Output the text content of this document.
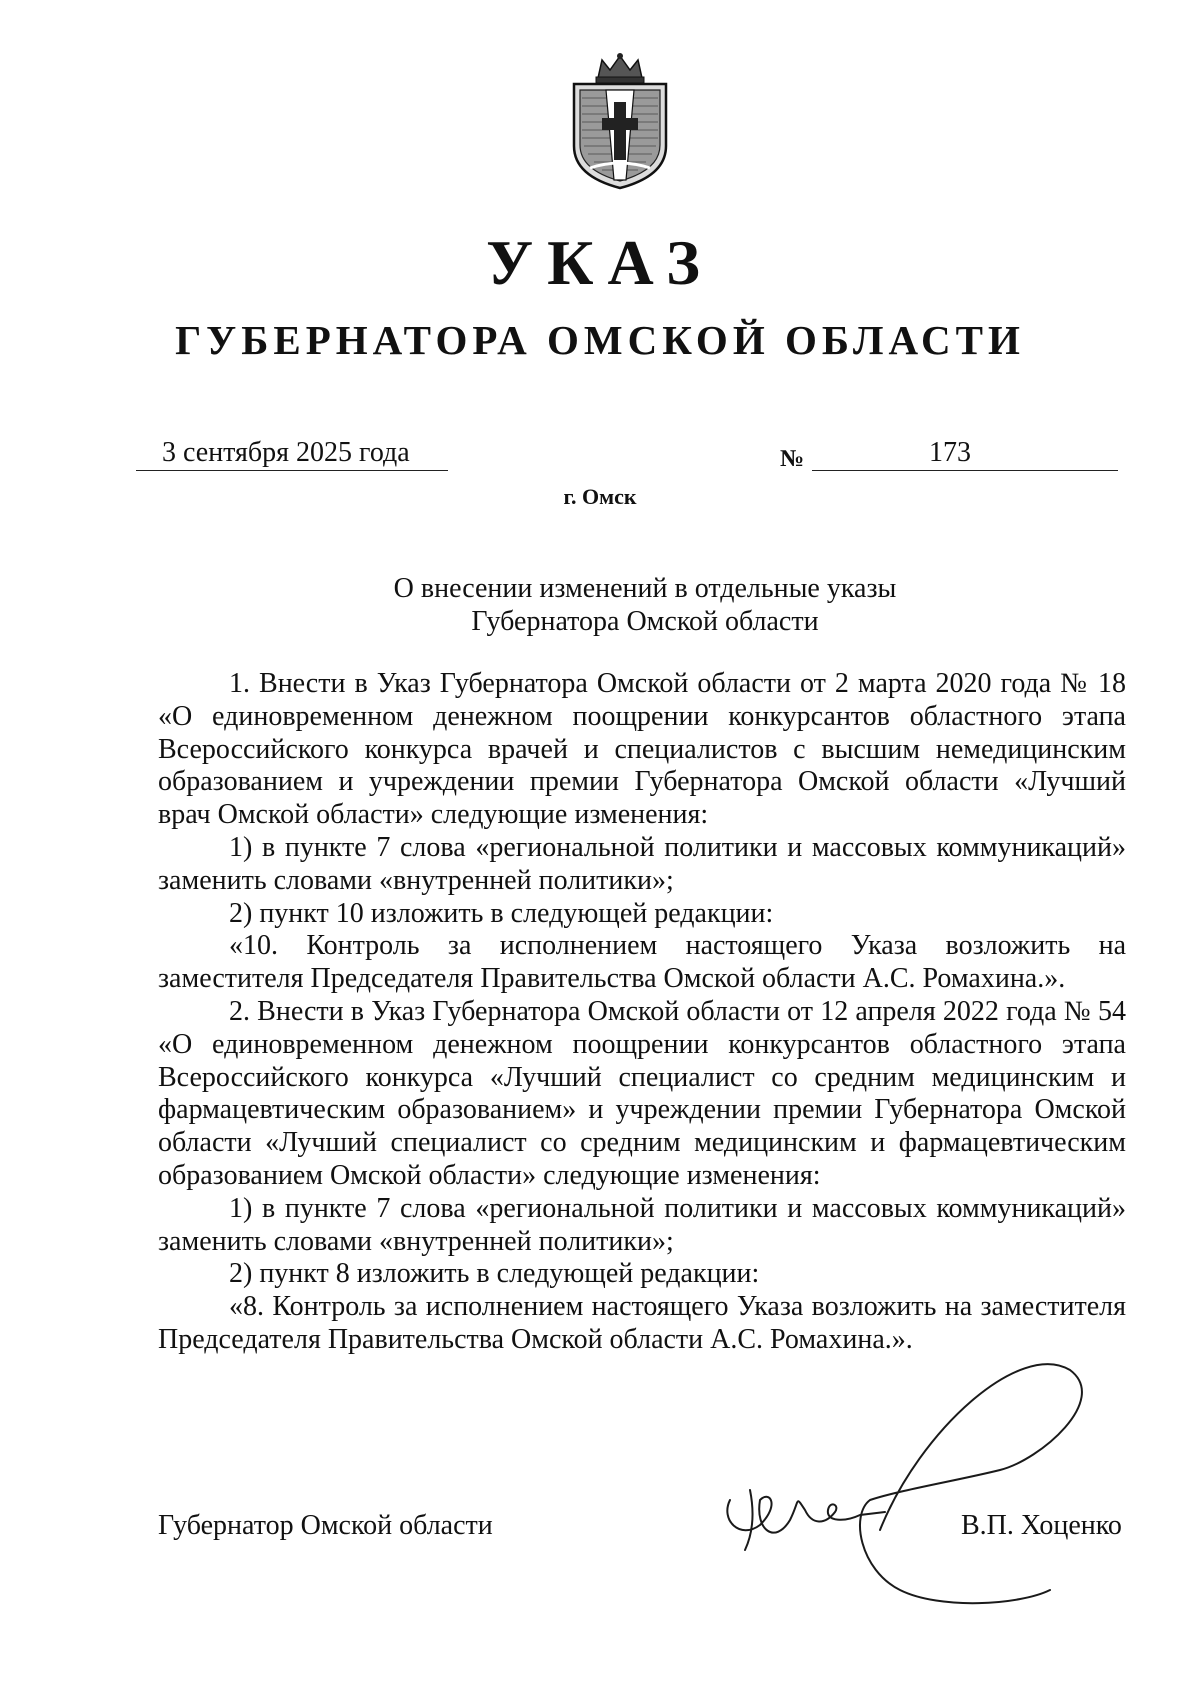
УКАЗ
ГУБЕРНАТОРА ОМСКОЙ ОБЛАСТИ
3 сентября 2025 года	№	173
г. Омск
О внесении изменений в отдельные указы
Губернатора Омской области

1. Внести в Указ Губернатора Омской области от 2 марта 2020 года № 18 «О единовременном денежном поощрении конкурсантов областного этапа Всероссийского конкурса врачей и специалистов с высшим немедицинским образованием и учреждении премии Губернатора Омской области «Лучший врач Омской области» следующие изменения:

1) в пункте 7 слова «региональной политики и массовых коммуникаций» заменить словами «внутренней политики»;

2) пункт 10 изложить в следующей редакции:

«10. Контроль за исполнением настоящего Указа возложить на заместителя Председателя Правительства Омской области А.С. Ромахина.».

2. Внести в Указ Губернатора Омской области от 12 апреля 2022 года № 54 «О единовременном денежном поощрении конкурсантов областного этапа Всероссийского конкурса «Лучший специалист со средним медицинским и фармацевтическим образованием» и учреждении премии Губернатора Омской области «Лучший специалист со средним медицинским и фармацевтическим образованием Омской области» следующие изменения:

1) в пункте 7 слова «региональной политики и массовых коммуникаций» заменить словами «внутренней политики»;

2) пункт 8 изложить в следующей редакции:

«8. Контроль за исполнением настоящего Указа возложить на заместителя Председателя Правительства Омской области А.С. Ромахина.».

Губернатор Омской области	В.П. Хоценко
